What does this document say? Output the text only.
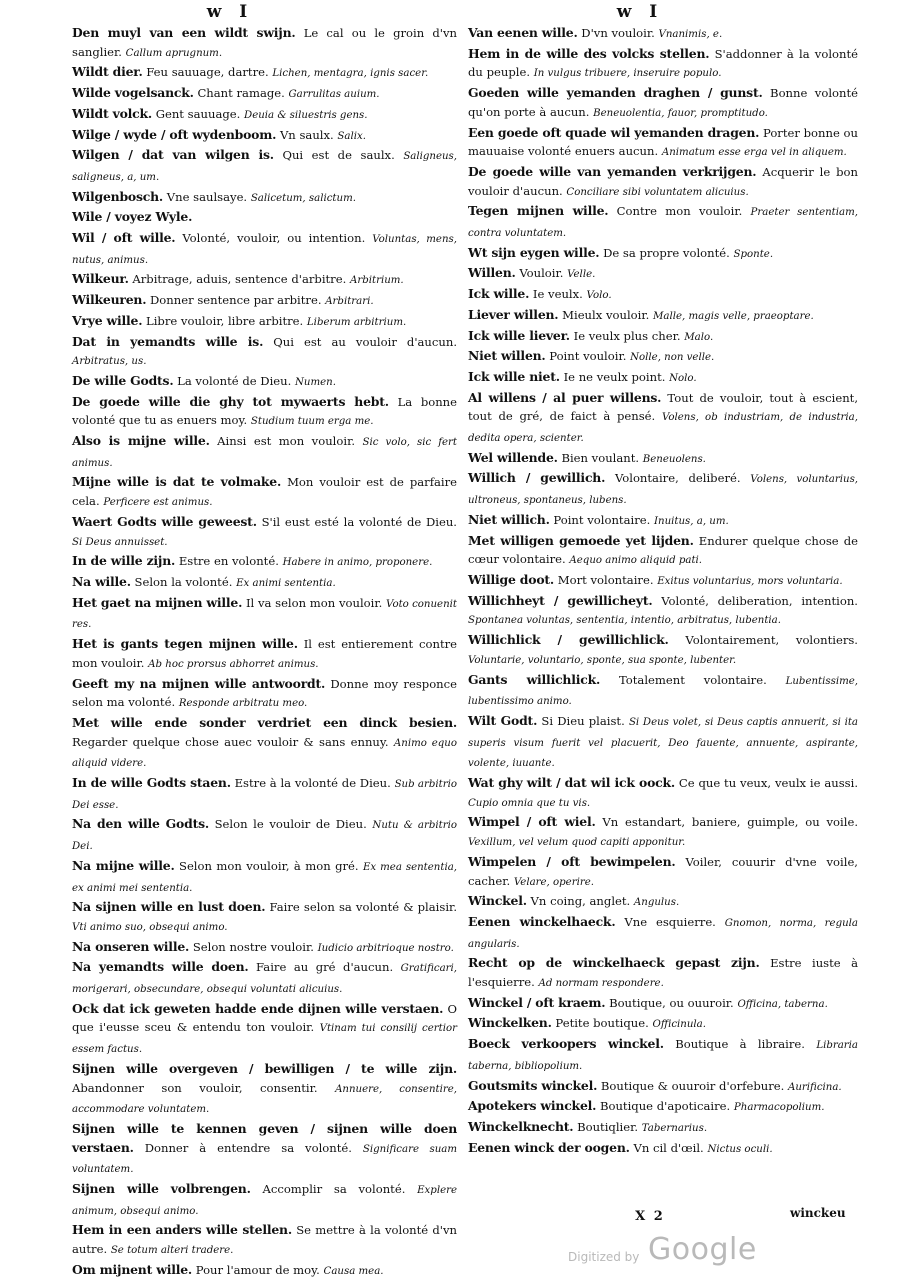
w I	w I
Den muyl van een wildt swijn. Le cal ou le groin d'vn sanglier. Callum aprugnum.
Wildt dier. Feu sauuage, dartre. Lichen, mentagra, ignis sacer.
Wilde vogelsanck. Chant ramage. Garrulitas auium.
Wildt volck. Gent sauuage. Deuia & siluestris gens.
Wilge / wyde / oft wydenboom. Vn saulx. Salix.
Wilgen / dat van wilgen is. Qui est de saulx. Saligneus, saligneus, a, um.
Wilgenbosch. Vne saulsaye. Salicetum, salictum.
Wile / voyez Wyle.
Wil / oft wille. Volonté, vouloir, ou intention. Voluntas, mens, nutus, animus.
Wilkeur. Arbitrage, aduis, sentence d'arbitre. Arbitrium.
Wilkeuren. Donner sentence par arbitre. Arbitrari.
Vrye wille. Libre vouloir, libre arbitre. Liberum arbitrium.
Dat in yemandts wille is. Qui est au vouloir d'aucun. Arbitratus, us.
De wille Godts. La volonté de Dieu. Numen.
De goede wille die ghy tot mywaerts hebt. La bonne volonté que tu as enuers moy. Studium tuum erga me.
Also is mijne wille. Ainsi est mon vouloir. Sic volo, sic fert animus.
Mijne wille is dat te volmake. Mon vouloir est de parfaire cela. Perficere est animus.
Waert Godts wille geweest. S'il eust esté la volonté de Dieu. Si Deus annuisset.
In de wille zijn. Estre en volonté. Habere in animo, proponere.
Na wille. Selon la volonté. Ex animi sententia.
Het gaet na mijnen wille. Il va selon mon vouloir. Voto conuenit res.
Het is gants tegen mijnen wille. Il est entierement contre mon vouloir. Ab hoc prorsus abhorret animus.
Geeft my na mijnen wille antwoordt. Donne moy responce selon ma volonté. Responde arbitratu meo.
Met wille ende sonder verdriet een dinck besien. Regarder quelque chose auec vouloir & sans ennuy. Animo equo aliquid videre.
In de wille Godts staen. Estre à la volonté de Dieu. Sub arbitrio Dei esse.
Na den wille Godts. Selon le vouloir de Dieu. Nutu & arbitrio Dei.
Na mijne wille. Selon mon vouloir, à mon gré. Ex mea sententia, ex animi mei sententia.
Na sijnen wille en lust doen. Faire selon sa volonté & plaisir. Vti animo suo, obsequi animo.
Na onseren wille. Selon nostre vouloir. Iudicio arbitrioque nostro.
Na yemandts wille doen. Faire au gré d'aucun. Gratificari, morigerari, obsecundare, obsequi voluntati alicuius.
Ock dat ick geweten hadde ende dijnen wille verstaen. O que i'eusse sceu & entendu ton vouloir. Vtinam tui consilij certior essem factus.
Sijnen wille overgeven / bewilligen / te wille zijn. Abandonner son vouloir, consentir. Annuere, consentire, accommodare voluntatem.
Sijnen wille te kennen geven / sijnen wille doen verstaen. Donner à entendre sa volonté. Significare suam voluntatem.
Sijnen wille volbrengen. Accomplir sa volonté. Explere animum, obsequi animo.
Hem in een anders wille stellen. Se mettre à la volonté d'vn autre. Se totum alteri tradere.
Om mijnent wille. Pour l'amour de moy. Causa mea.
Van eenen wille. D'vn vouloir. Vnanimis, e.
Hem in de wille des volcks stellen. S'addonner à la volonté du peuple. In vulgus tribuere, inseruire populo.
Goeden wille yemanden draghen / gunst. Bonne volonté qu'on porte à aucun. Beneuolentia, fauor, promptitudo.
Een goede oft quade wil yemanden dragen. Porter bonne ou mauuaise volonté enuers aucun. Animatum esse erga vel in aliquem.
De goede wille van yemanden verkrijgen. Acquerir le bon vouloir d'aucun. Conciliare sibi voluntatem alicuius.
Tegen mijnen wille. Contre mon vouloir. Praeter sententiam, contra voluntatem.
Wt sijn eygen wille. De sa propre volonté. Sponte.
Willen. Vouloir. Velle.
Ick wille. Ie veulx. Volo.
Liever willen. Mieulx vouloir. Malle, magis velle, praeoptare.
Ick wille liever. Ie veulx plus cher. Malo.
Niet willen. Point vouloir. Nolle, non velle.
Ick wille niet. Ie ne veulx point. Nolo.
Al willens / al puer willens. Tout de vouloir, tout à escient, tout de gré, de faict à pensé. Volens, ob industriam, de industria, dedita opera, scienter.
Wel willende. Bien voulant. Beneuolens.
Willich / gewillich. Volontaire, deliberé. Volens, voluntarius, ultroneus, spontaneus, lubens.
Niet willich. Point volontaire. Inuitus, a, um.
Met willigen gemoede yet lijden. Endurer quelque chose de cœur volontaire. Aequo animo aliquid pati.
Willige doot. Mort volontaire. Exitus voluntarius, mors voluntaria.
Willichheyt / gewillicheyt. Volonté, deliberation, intention. Spontanea voluntas, sententia, intentio, arbitratus, lubentia.
Willichlick / gewillichlick. Volontairement, volontiers. Voluntarie, voluntario, sponte, sua sponte, lubenter.
Gants willichlick. Totalement volontaire. Lubentissime, lubentissimo animo.
Wilt Godt. Si Dieu plaist. Si Deus volet, si Deus captis annuerit, si ita superis visum fuerit vel placuerit, Deo fauente, annuente, aspirante, volente, iuuante.
Wat ghy wilt / dat wil ick oock. Ce que tu veux, veulx ie aussi. Cupio omnia que tu vis.
Wimpel / oft wiel. Vn estandart, baniere, guimple, ou voile. Vexillum, vel velum quod capiti apponitur.
Wimpelen / oft bewimpelen. Voiler, couurir d'vne voile, cacher. Velare, operire.
Winckel. Vn coing, anglet. Angulus.
Eenen winckelhaeck. Vne esquierre. Gnomon, norma, regula angularis.
Recht op de winckelhaeck gepast zijn. Estre iuste à l'esquierre. Ad normam respondere.
Winckel / oft kraem. Boutique, ou ouuroir. Officina, taberna.
Winckelken. Petite boutique. Officinula.
Boeck verkoopers winckel. Boutique à libraire. Libraria taberna, bibliopolium.
Goutsmits winckel. Boutique & ouuroir d'orfebure. Aurificina.
Apotekers winckel. Boutique d'apoticaire. Pharmacopolium.
Winckelknecht. Boutiqlier. Tabernarius.
Eenen winck der oogen. Vn cil d'œil. Nictus oculi.
X 2	winckeu
Digitized by Google
